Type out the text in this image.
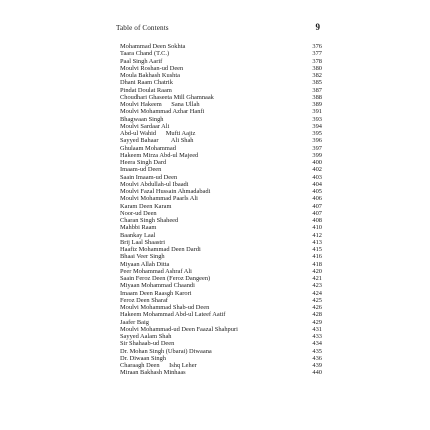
Table of Contents	9
Mohammad Deen Sokhta	376
Taara Chand (T.C.)	377
Paal Singh Aarif	378
Moulvi Roshan-ud Deen	380
Moula Bakhash Kushta	382
Dhani Raam Chatrik	385
Pindat Doulat Raam	387
Choudhari Ghaseeta Mill Ghamnaak	388
Moulvi Hakeem      Sana Ullah	389
Moulvi Mohammad Azhar Hanfi	391
Bhagwaan Singh	393
Moulvi Sardaar Ali	394
Abd-ul Wahid      Mufti Aajiz	395
Sayyed Bahaar        Ali Shah	396
Ghulaam Mohammad	397
Hakeem Mirza Abd-ul Majeed	399
Heera Singh Dard	400
Imaam-ud Deen	402
Saain Imaam-ud Deen	403
Moulvi Abdullah-ul Ibaadi	404
Moulvi Fazal Hussain Ahmadabadi	405
Moulvi Mohammad Paarls Ali	406
Karam Deen Karam	407
Noor-ud Deen	407
Charan Singh Shaheed	408
Mahbbi Raam	410
Baankay Laal	412
Brij Laal Shaastri	413
Haafiz Mohammad Deen Dardi	415
Bhaai Veer Singh	416
Miyaan Allah Ditta	418
Peer Mohammad Ashraf Ali	420
Saain Feroz Deen (Feroz Dangeen)	421
Miyaan Mohammad Chaandi	423
Imaam Deen Raasgh Karori	424
Feroz Deen Sharaf	425
Moulvi Mohammad Shab-ud Deen	426
Hakeem Mohammad Abd-ul Lateef Aatif	428
Jaafer Baig	429
Moulvi Mohammad-ud Deen Faazal Shahpuri	431
Sayyed Aalam Shah	433
Sir Shahaab-ud Deen	434
Dr. Mohan Singh (Ubarai) Diwaana	435
Dr. Diwaan Singh	436
Charaagh Deen      Ishq Leher	439
Miraan Bakhash Minhaas	440
